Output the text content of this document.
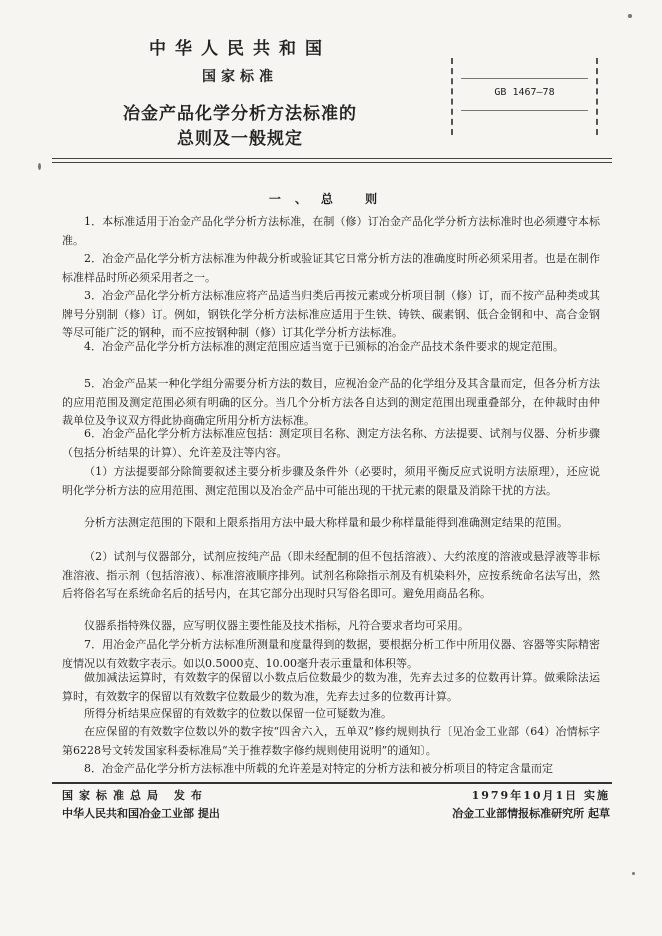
中华人民共和国
国家标准
冶金产品化学分析方法标准的
总则及一般规定
GB 1467—78
一、总 则
1．本标准适用于冶金产品化学分析方法标准，在制（修）订冶金产品化学分析方法标准时也必须遵守本标准。
2．冶金产品化学分析方法标准为仲裁分析或验证其它日常分析方法的准确度时所必须采用者。也是在制作标准样品时所必须采用者之一。
3．冶金产品化学分析方法标准应将产品适当归类后再按元素或分析项目制（修）订，而不按产品种类或其牌号分别制（修）订。例如，钢铁化学分析方法标准应适用于生铁、铸铁、碳素钢、低合金钢和中、高合金钢等尽可能广泛的钢种，而不应按钢种制（修）订其化学分析方法标准。
4．冶金产品化学分析方法标准的测定范围应适当宽于已颁标的冶金产品技术条件要求的规定范围。
5．冶金产品某一种化学组分需要分析方法的数目，应视冶金产品的化学组分及其含量而定，但各分析方法的应用范围及测定范围必须有明确的区分。当几个分析方法各自达到的测定范围出现重叠部分，在仲裁时由仲裁单位及争议双方得此协商确定所用分析方法标准。
6．冶金产品化学分析方法标准应包括：测定项目名称、测定方法名称、方法提要、试剂与仪器、分析步骤（包括分析结果的计算）、允许差及注等内容。
（1）方法提要部分除简要叙述主要分析步骤及条件外（必要时，须用平衡反应式说明方法原理），还应说明化学分析方法的应用范围、测定范围以及冶金产品中可能出现的干扰元素的限量及消除干扰的方法。
分析方法测定范围的下限和上限系指用方法中最大称样量和最少称样量能得到准确测定结果的范围。
（2）试剂与仪器部分，试剂应按纯产品（即未经配制的但不包括溶液）、大约浓度的溶液或悬浮液等非标准溶液、指示剂（包括溶液）、标准溶液顺序排列。试剂名称除指示剂及有机染料外，应按系统命名法写出，然后将俗名写在系统命名后的括号内，在其它部分出现时只写俗名即可。避免用商品名称。
仪器系指特殊仪器，应写明仪器主要性能及技术指标，凡符合要求者均可采用。
7．用冶金产品化学分析方法标准所测量和度量得到的数据，要根据分析工作中所用仪器、容器等实际精密度情况以有效数字表示。如以0.5000克、10.00毫升表示重量和体积等。
做加减法运算时，有效数字的保留以小数点后位数最少的数为准，先弃去过多的位数再计算。做乘除法运算时，有效数字的保留以有效数字位数最少的数为准，先弃去过多的位数再计算。
所得分析结果应保留的有效数字的位数以保留一位可疑数为准。
在应保留的有效数字位数以外的数字按“四舍六入，五单双”修约规则执行〔见冶金工业部（64）冶情标字第6228号文转发国家科委标准局“关于推荐数字修约规则使用说明”的通知〕。
8．冶金产品化学分析方法标准中所载的允许差是对特定的分析方法和被分析项目的特定含量而定
国家标准总局 发布
中华人民共和国冶金工业部 提出
1979年10月1日 实施
冶金工业部情报标准研究所 起草
